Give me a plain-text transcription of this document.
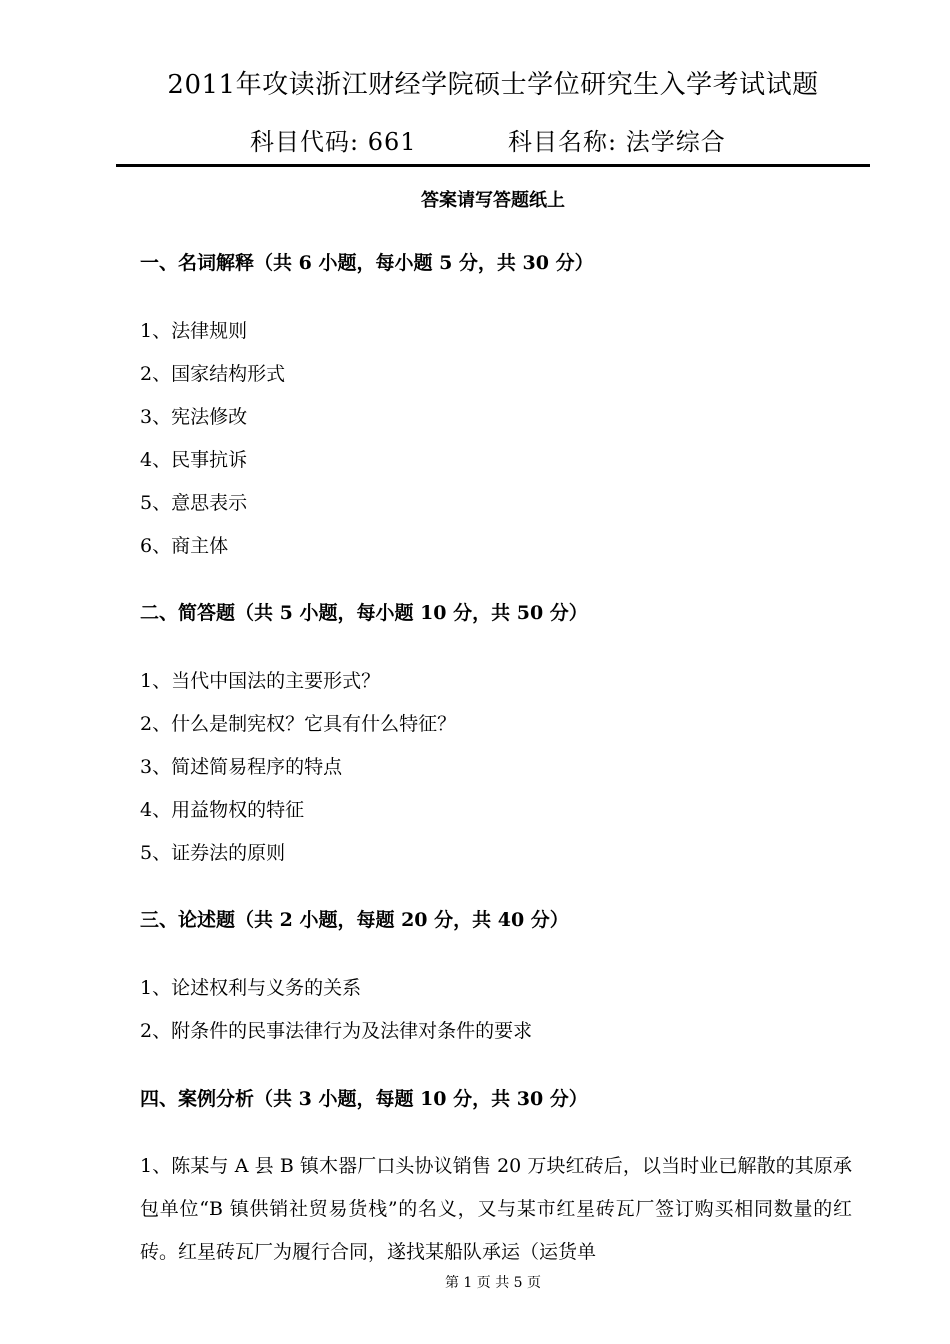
2011年攻读浙江财经学院硕士学位研究生入学考试试题
科目代码: 661	科目名称: 法学综合
答案请写答题纸上
一、名词解释（共 6 小题，每小题 5 分，共 30 分）
1、法律规则
2、国家结构形式
3、宪法修改
4、民事抗诉
5、意思表示
6、商主体
二、简答题（共 5 小题，每小题 10 分，共 50 分）
1、当代中国法的主要形式？
2、什么是制宪权？它具有什么特征？
3、简述简易程序的特点
4、用益物权的特征
5、证券法的原则
三、论述题（共 2 小题，每题 20 分，共 40 分）
1、论述权利与义务的关系
2、附条件的民事法律行为及法律对条件的要求
四、案例分析（共 3 小题，每题 10 分，共 30 分）
1、陈某与 A 县 B 镇木器厂口头协议销售 20 万块红砖后，以当时业已解散的其原承包单位“B 镇供销社贸易货栈”的名义，又与某市红星砖瓦厂签订购买相同数量的红砖。红星砖瓦厂为履行合同，遂找某船队承运（运货单
第 1 页 共 5 页
